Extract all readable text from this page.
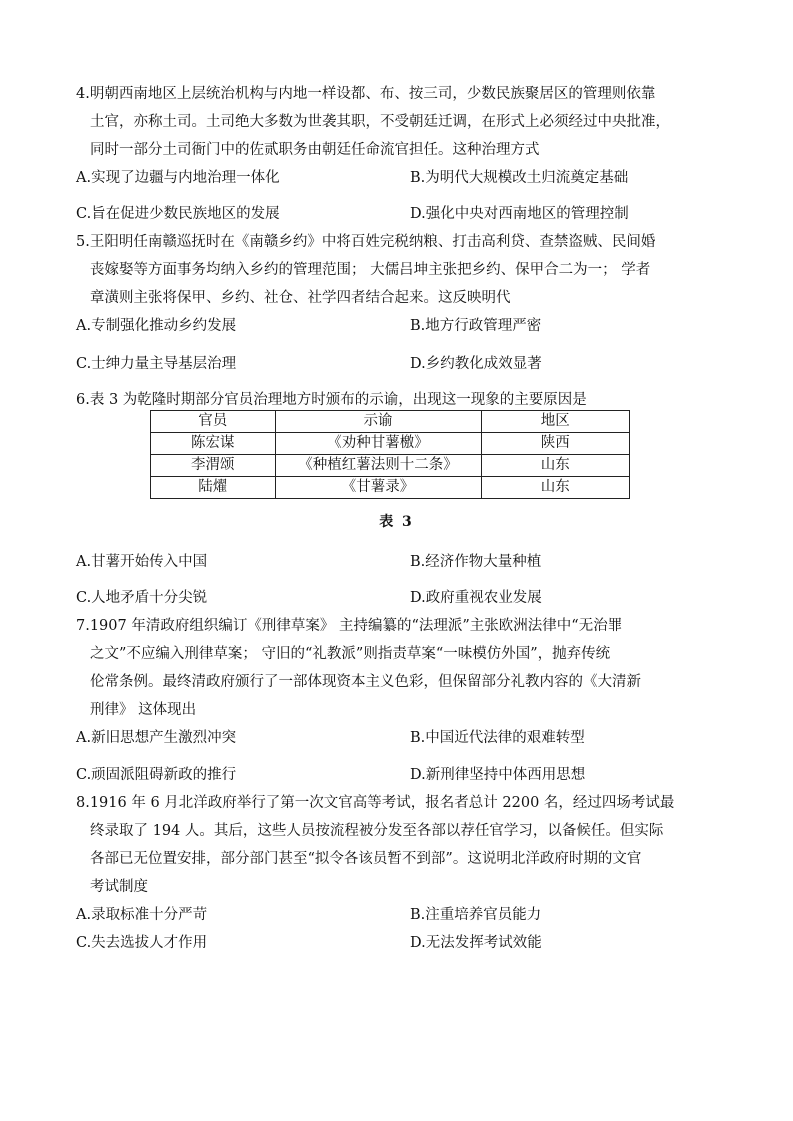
4.明朝西南地区上层统治机构与内地一样设都、布、按三司，少数民族聚居区的管理则依靠
土官，亦称土司。土司绝大多数为世袭其职，不受朝廷迁调，在形式上必须经过中央批准，
同时一部分土司衙门中的佐贰职务由朝廷任命流官担任。这种治理方式
A.实现了边疆与内地治理一体化	B.为明代大规模改土归流奠定基础
C.旨在促进少数民族地区的发展	D.强化中央对西南地区的管理控制
5.王阳明任南赣巡抚时在《南赣乡约》中将百姓完税纳粮、打击高利贷、查禁盗贼、民间婚
丧嫁娶等方面事务均纳入乡约的管理范围； 大儒吕坤主张把乡约、保甲合二为一； 学者
章潢则主张将保甲、乡约、社仓、社学四者结合起来。这反映明代
A.专制强化推动乡约发展	B.地方行政管理严密
C.士绅力量主导基层治理	D.乡约教化成效显著
6.表 3 为乾隆时期部分官员治理地方时颁布的示谕，出现这一现象的主要原因是
官员	示谕	地区
陈宏谋	《劝种甘薯檄》	陕西
李渭颂	《种植红薯法则十二条》	山东
陆燿	《甘薯录》	山东
表 3
A.甘薯开始传入中国	B.经济作物大量种植
C.人地矛盾十分尖锐	D.政府重视农业发展
7.1907 年清政府组织编订《刑律草案》 主持编纂的“法理派”主张欧洲法律中“无治罪
之文”不应编入刑律草案； 守旧的“礼教派”则指责草案“一味模仿外国”，抛弃传统
伦常条例。最终清政府颁行了一部体现资本主义色彩，但保留部分礼教内容的《大清新
刑律》 这体现出
A.新旧思想产生激烈冲突	B.中国近代法律的艰难转型
C.顽固派阻碍新政的推行	D.新刑律坚持中体西用思想
8.1916 年 6 月北洋政府举行了第一次文官高等考试，报名者总计 2200 名，经过四场考试最
终录取了 194 人。其后，这些人员按流程被分发至各部以荐任官学习，以备候任。但实际
各部已无位置安排，部分部门甚至“拟令各该员暂不到部”。这说明北洋政府时期的文官
考试制度
A.录取标准十分严苛	B.注重培养官员能力
C.失去选拔人才作用	D.无法发挥考试效能
